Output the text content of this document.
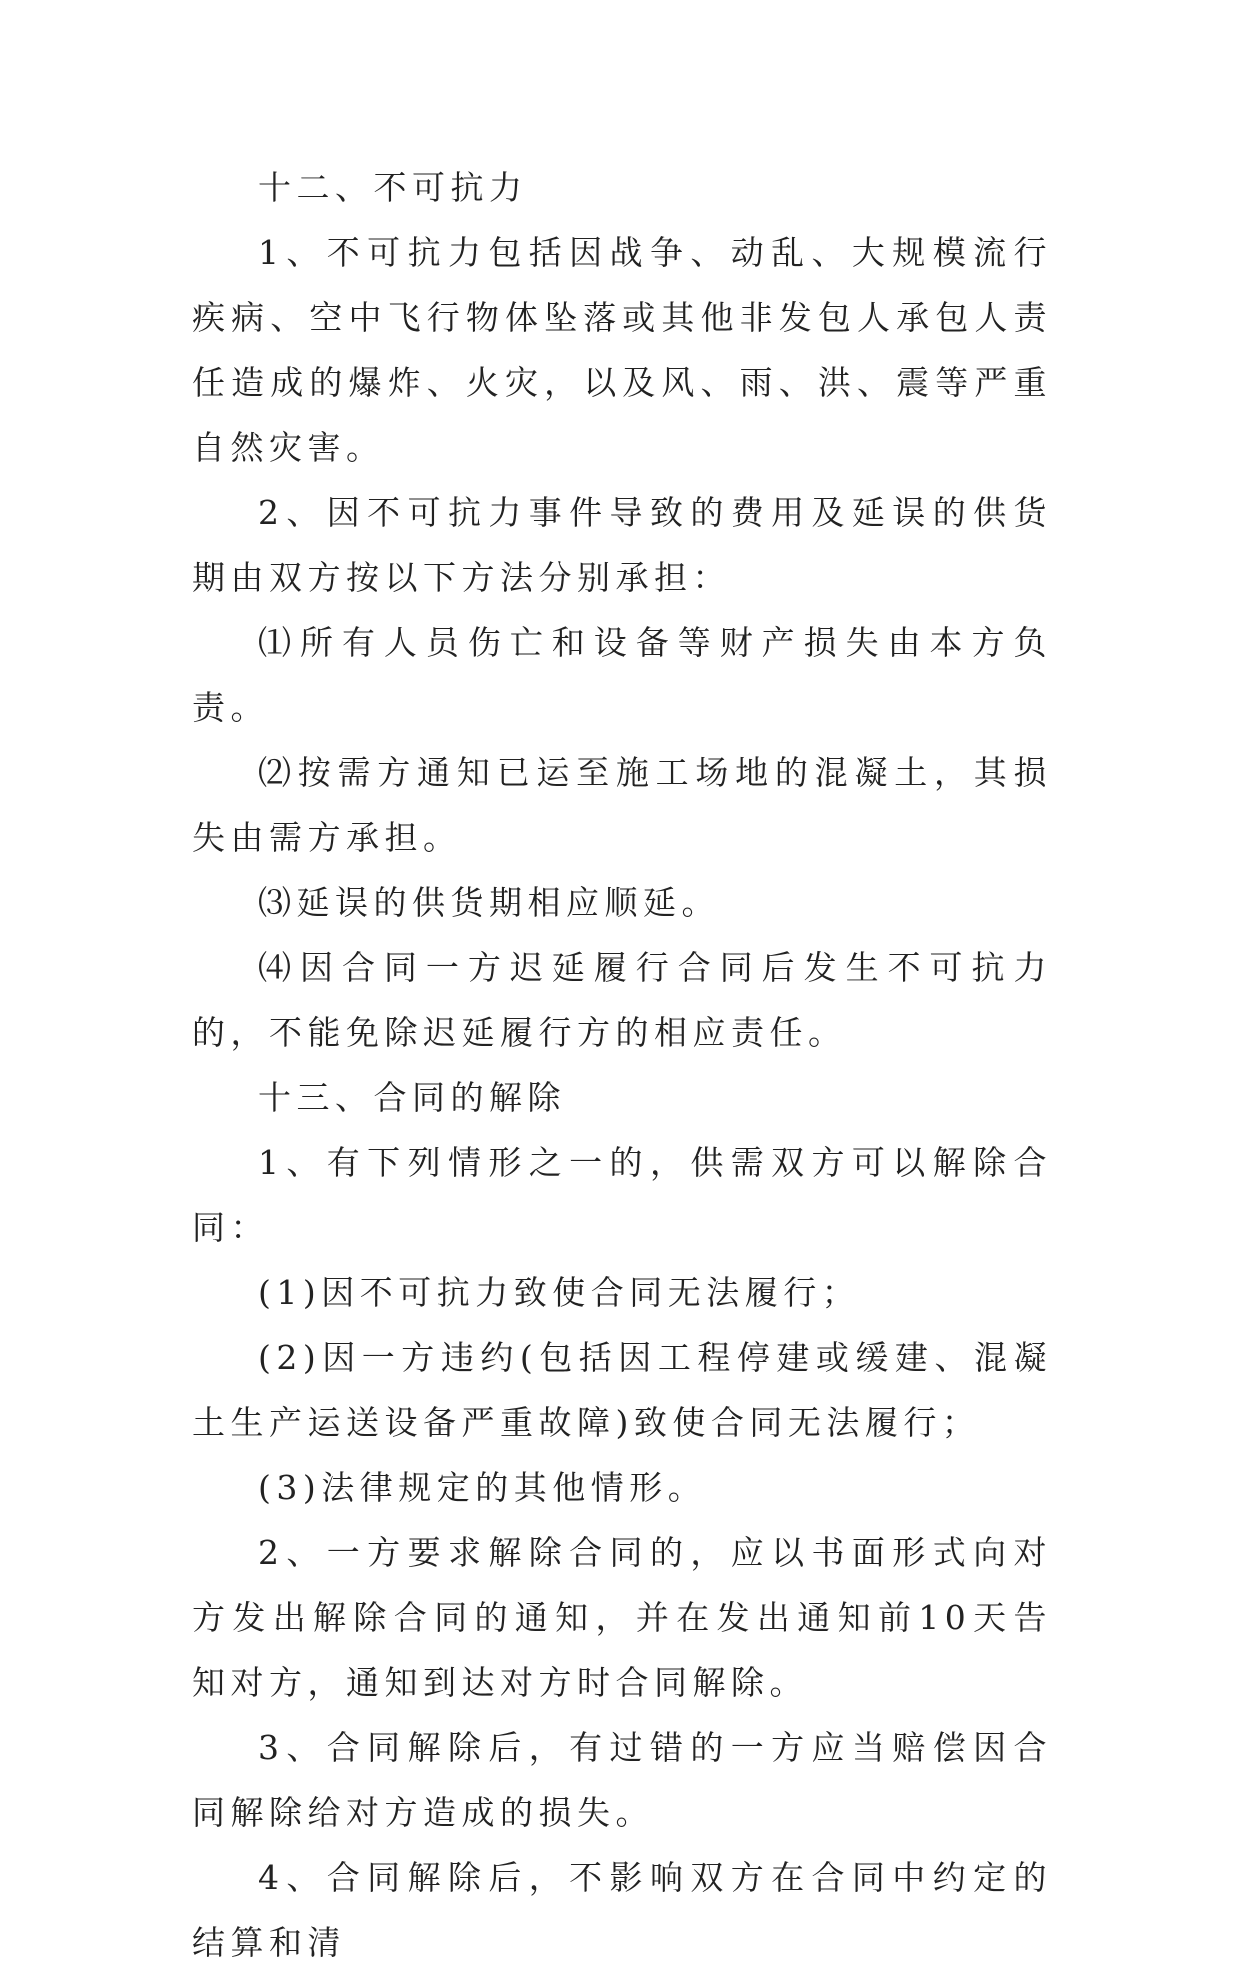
十二、不可抗力

1、不可抗力包括因战争、动乱、大规模流行疾病、空中飞行物体坠落或其他非发包人承包人责任造成的爆炸、火灾，以及风、雨、洪、震等严重自然灾害。

2、因不可抗力事件导致的费用及延误的供货期由双方按以下方法分别承担：

⑴所有人员伤亡和设备等财产损失由本方负责。

⑵按需方通知已运至施工场地的混凝土，其损失由需方承担。

⑶延误的供货期相应顺延。

⑷因合同一方迟延履行合同后发生不可抗力的，不能免除迟延履行方的相应责任。

十三、合同的解除

1、有下列情形之一的，供需双方可以解除合同：

(1)因不可抗力致使合同无法履行；

(2)因一方违约(包括因工程停建或缓建、混凝土生产运送设备严重故障)致使合同无法履行；

(3)法律规定的其他情形。

2、一方要求解除合同的，应以书面形式向对方发出解除合同的通知，并在发出通知前10天告知对方，通知到达对方时合同解除。

3、合同解除后，有过错的一方应当赔偿因合同解除给对方造成的损失。

4、合同解除后，不影响双方在合同中约定的结算和清
